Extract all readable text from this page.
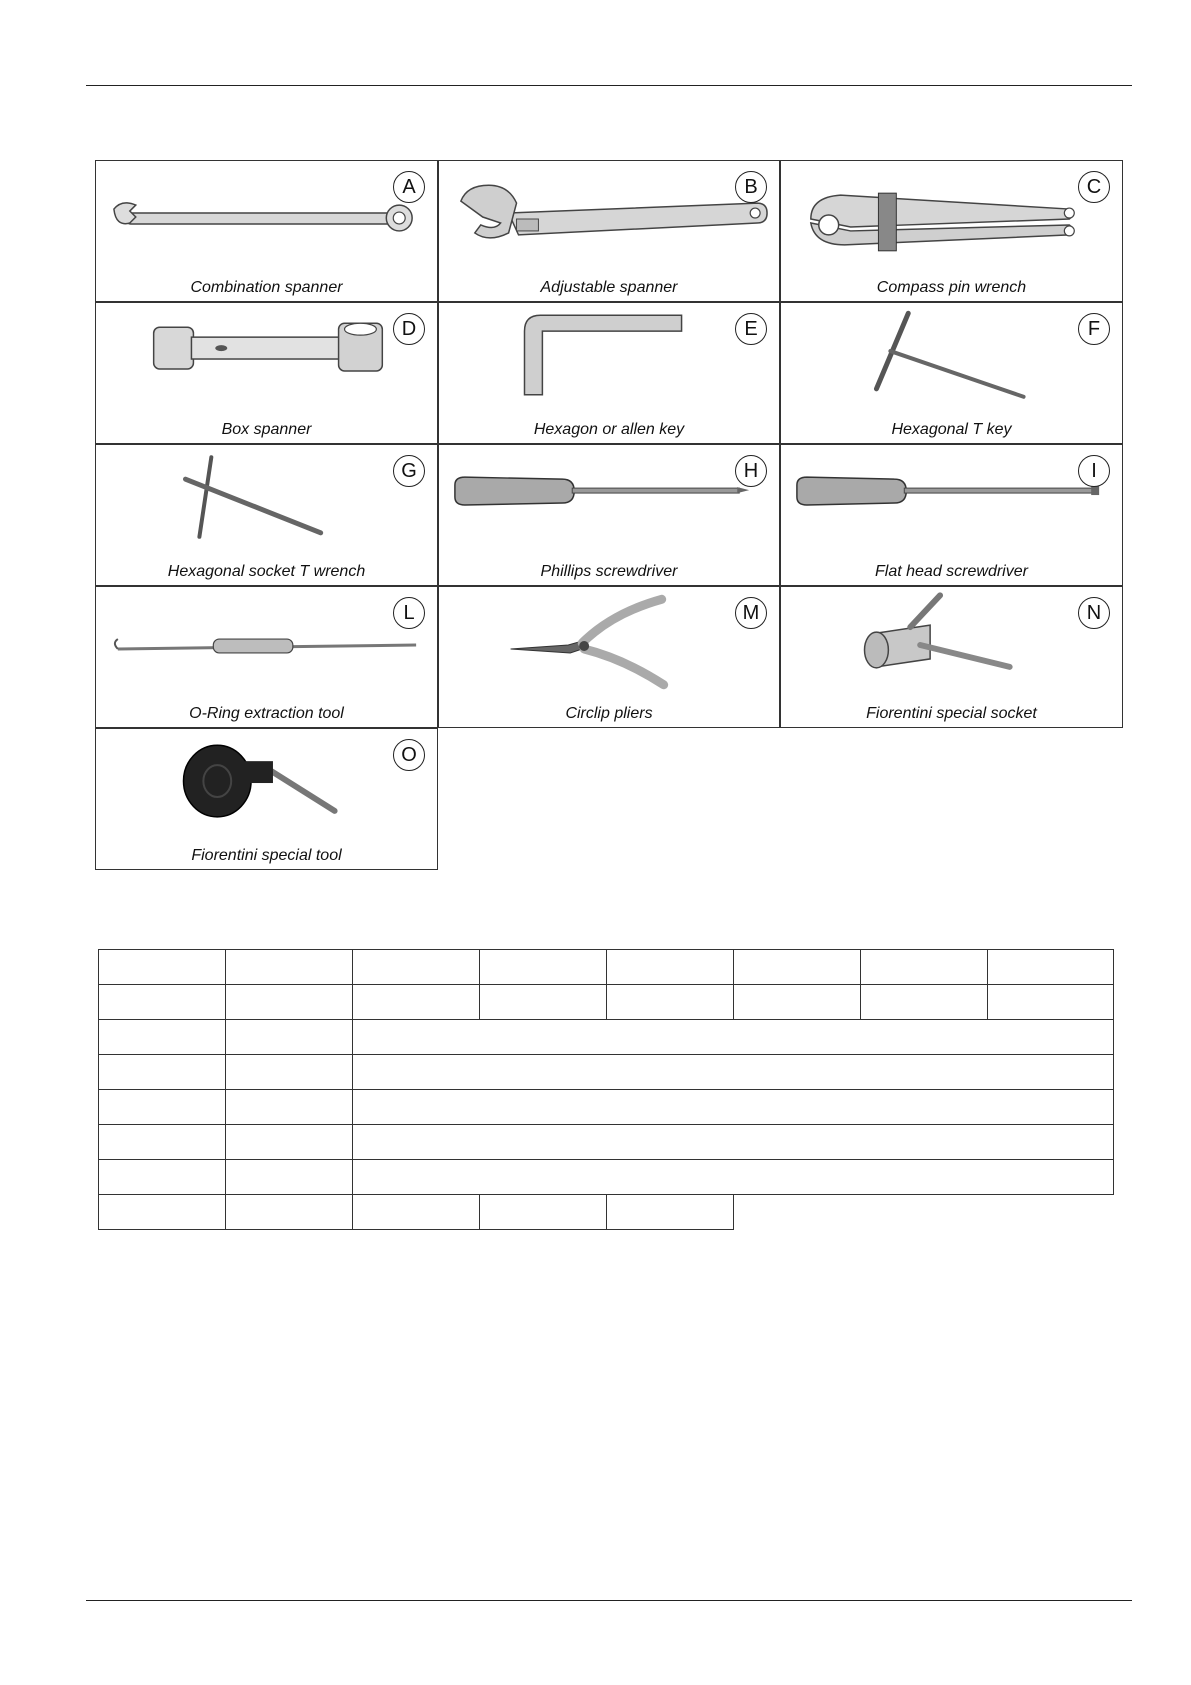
A
Combination spanner
B
Adjustable spanner
C
Compass pin wrench
D
Box spanner
E
Hexagon or allen key
F
Hexagonal T key
G
Hexagonal socket T wrench
H
Phillips screwdriver
I
Flat head screwdriver
L
O-Ring extraction tool
M
Circlip pliers
N
Fiorentini special socket
O
Fiorentini special tool
